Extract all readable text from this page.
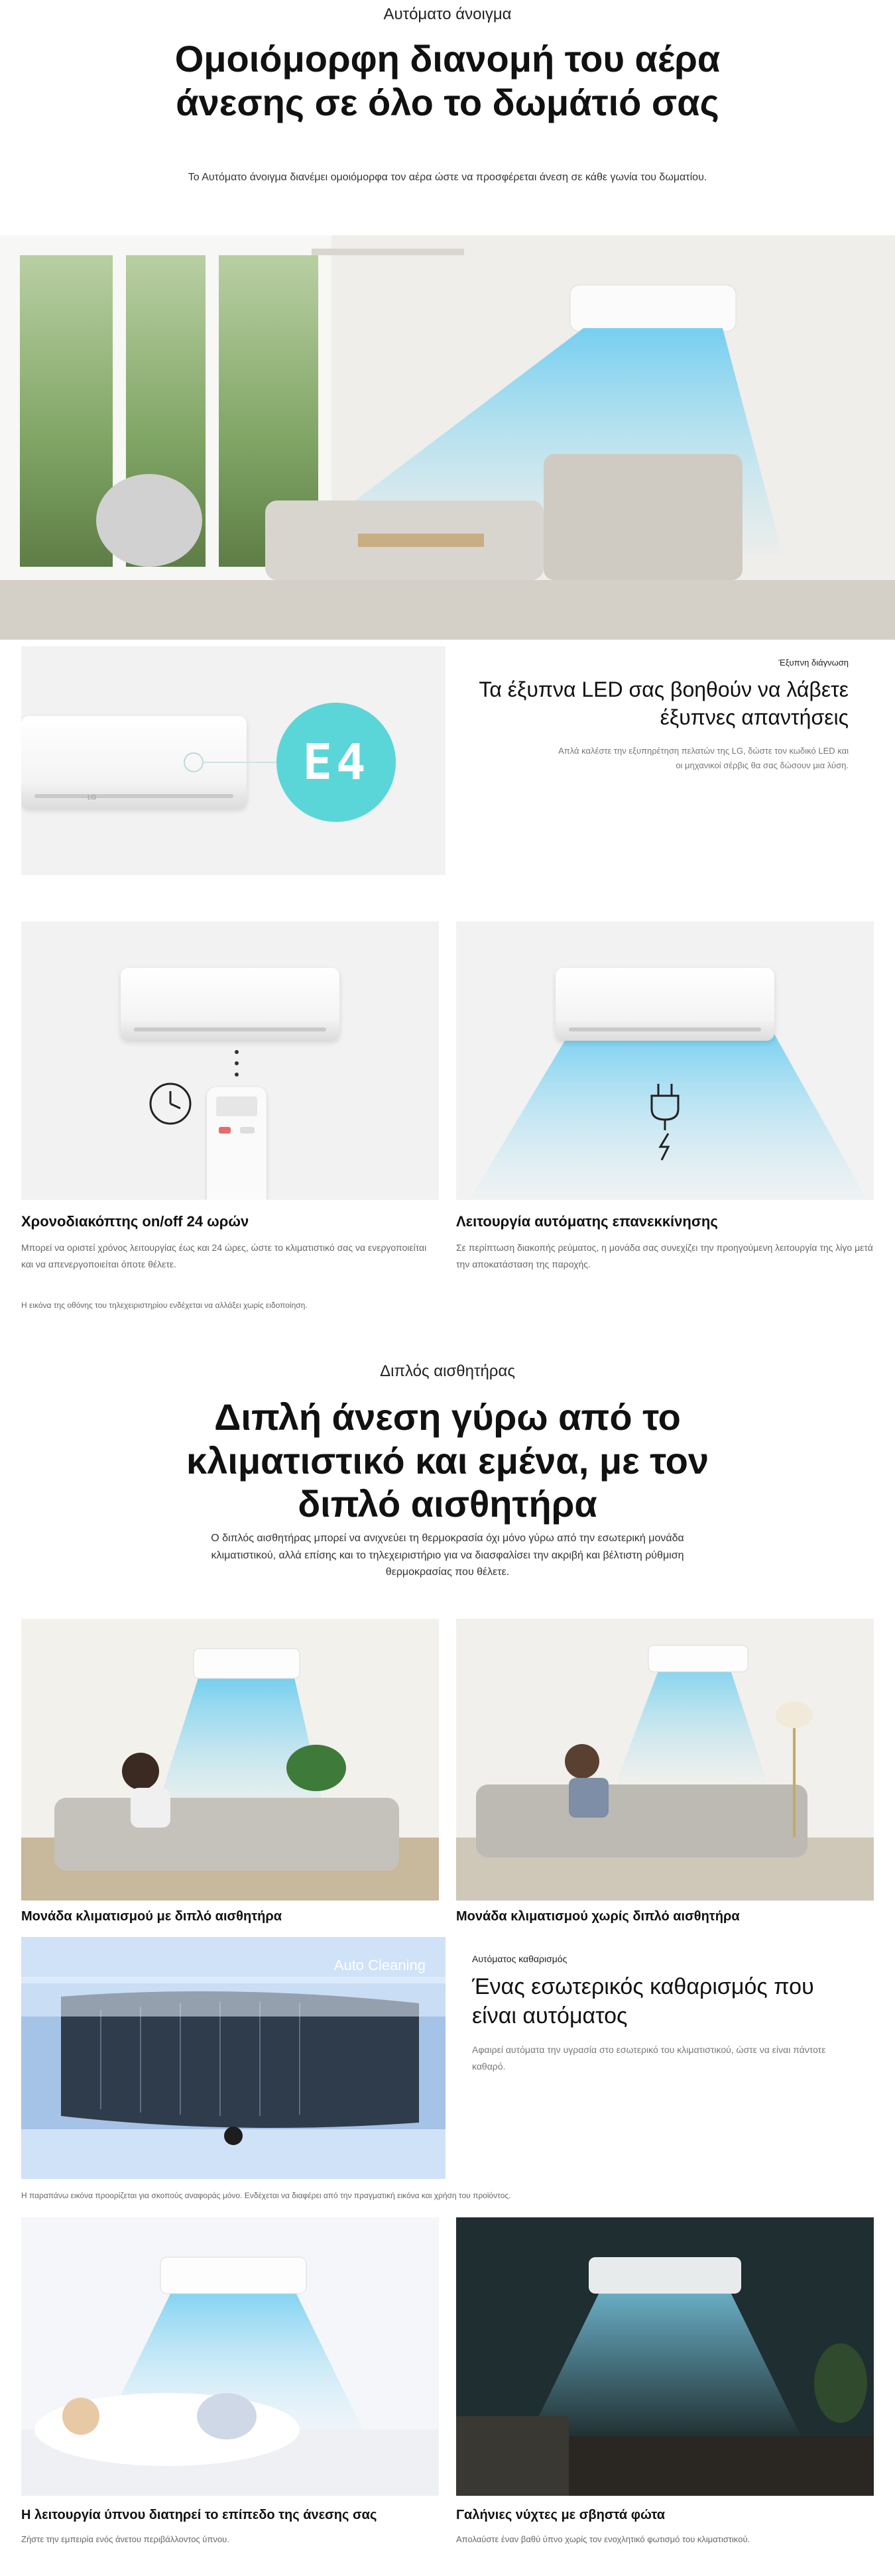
Αυτόματο άνοιγμα
Ομοιόμορφη διανομή του αέρα άνεσης σε όλο το δωμάτιό σας

Το Αυτόματο άνοιγμα διανέμει ομοιόμορφα τον αέρα ώστε να προσφέρεται άνεση σε κάθε γωνία του δωματίου.

LG
E4
Έξυπνη διάγνωση
Τα έξυπνα LED σας βοηθούν να λάβετε έξυπνες απαντήσεις
Απλά καλέστε την εξυπηρέτηση πελατών της LG, δώστε τον κωδικό LED και οι μηχανικοί σέρβις θα σας δώσουν μια λύση.
Χρονοδιακόπτης on/off 24 ωρών
Μπορεί να οριστεί χρόνος λειτουργίας έως και 24 ώρες, ώστε το κλιματιστικό σας να ενεργοποιείται και να απενεργοποιείται όποτε θέλετε.
Λειτουργία αυτόματης επανεκκίνησης
Σε περίπτωση διακοπής ρεύματος, η μονάδα σας συνεχίζει την προηγούμενη λειτουργία της λίγο μετά την αποκατάσταση της παροχής.
Η εικόνα της οθόνης του τηλεχειριστηρίου ενδέχεται να αλλάξει χωρίς ειδοποίηση.
Διπλός αισθητήρας
Διπλή άνεση γύρω από το κλιματιστικό και εμένα, με τον διπλό αισθητήρα

Ο διπλός αισθητήρας μπορεί να ανιχνεύει τη θερμοκρασία όχι μόνο γύρω από την εσωτερική μονάδα κλιματιστικού, αλλά επίσης και το τηλεχειριστήριο για να διασφαλίσει την ακριβή και βέλτιστη ρύθμιση θερμοκρασίας που θέλετε.

Μονάδα κλιματισμού με διπλό αισθητήρα	Μονάδα κλιματισμού χωρίς διπλό αισθητήρα
Auto Cleaning	Αυτόματος καθαρισμός
Ένας εσωτερικός καθαρισμός που είναι αυτόματος
Αφαιρεί αυτόματα την υγρασία στο εσωτερικό του κλιματιστικού, ώστε να είναι πάντοτε καθαρό.
Η παραπάνω εικόνα προορίζεται για σκοπούς αναφοράς μόνο. Ενδέχεται να διαφέρει από την πραγματική εικόνα και χρήση του προϊόντος.
Η λειτουργία ύπνου διατηρεί το επίπεδο της άνεσης σας
Ζήστε την εμπειρία ενός άνετου περιβάλλοντος ύπνου.
Γαλήνιες νύχτες με σβηστά φώτα
Απολαύστε έναν βαθύ ύπνο χωρίς τον ενοχλητικό φωτισμό του κλιματιστικού.
